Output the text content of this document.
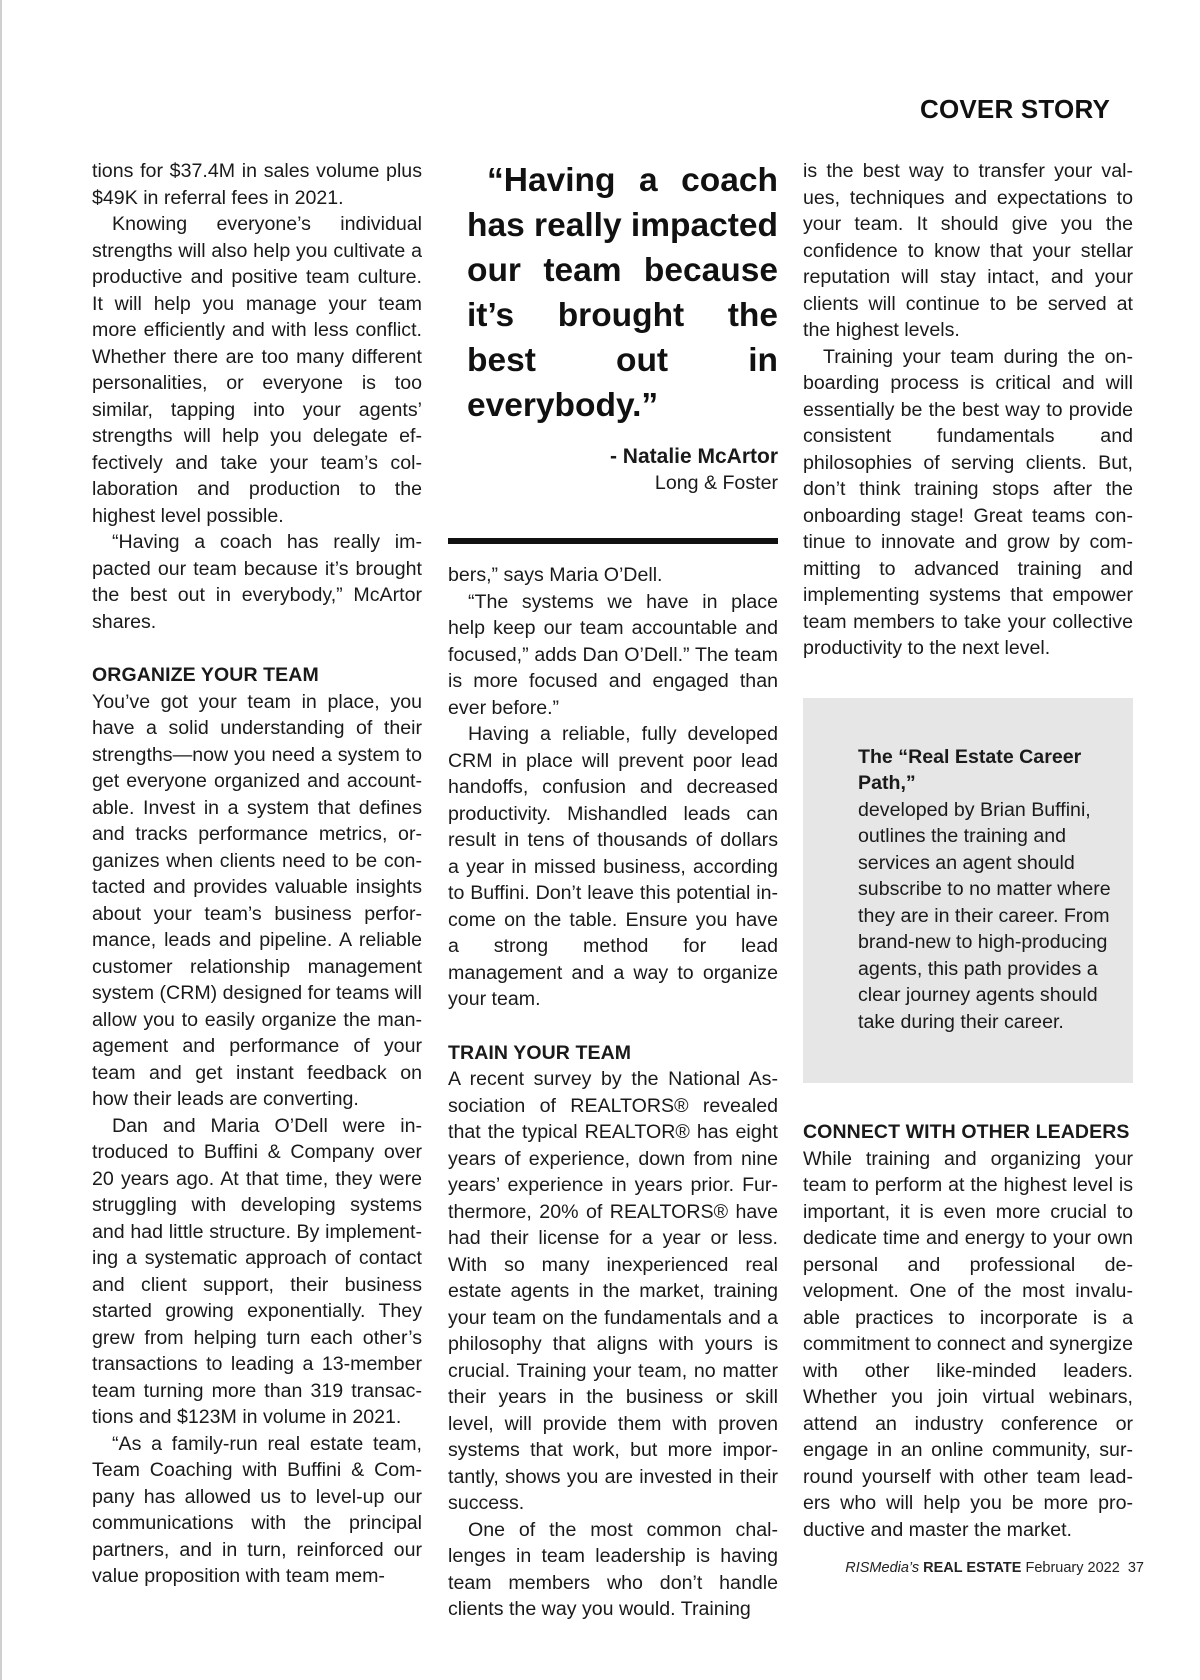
COVER STORY

tions for $37.4M in sales volume plus $49K in referral fees in 2021.

Knowing everyone’s individual strengths will also help you cultivate a productive and positive team culture. It will help you manage your team more efficiently and with less conflict. Whether there are too many different personalities, or everyone is too similar, tapping into your agents’ strengths will help you delegate effectively and take your team’s collaboration and production to the highest level possible.

“Having a coach has really impacted our team because it’s brought the best out in everybody,” McArtor shares.

ORGANIZE YOUR TEAM

You’ve got your team in place, you have a solid understanding of their strengths—now you need a system to get everyone organized and accountable. Invest in a system that defines and tracks performance metrics, organizes when clients need to be contacted and provides valuable insights about your team’s business performance, leads and pipeline. A reliable customer relationship management system (CRM) designed for teams will allow you to easily organize the management and performance of your team and get instant feedback on how their leads are converting.

Dan and Maria O’Dell were introduced to Buffini & Company over 20 years ago. At that time, they were struggling with developing systems and had little structure. By implementing a systematic approach of contact and client support, their business started growing exponentially. They grew from helping turn each other’s transactions to leading a 13-member team turning more than 319 transactions and $123M in volume in 2021.

“As a family-run real estate team, Team Coaching with Buffini & Company has allowed us to level-up our communications with the principal partners, and in turn, reinforced our value proposition with team mem-

“Having a coach has really impacted our team because it’s brought the best out in everybody.”

- Natalie McArtor
Long & Foster

bers,” says Maria O’Dell.

“The systems we have in place help keep our team accountable and focused,” adds Dan O’Dell.” The team is more focused and engaged than ever before.”

Having a reliable, fully developed CRM in place will prevent poor lead handoffs, confusion and decreased productivity. Mishandled leads can result in tens of thousands of dollars a year in missed business, according to Buffini. Don’t leave this potential income on the table. Ensure you have a strong method for lead management and a way to organize your team.

TRAIN YOUR TEAM

A recent survey by the National Association of REALTORS® revealed that the typical REALTOR® has eight years of experience, down from nine years’ experience in years prior. Furthermore, 20% of REALTORS® have had their license for a year or less. With so many inexperienced real estate agents in the market, training your team on the fundamentals and a philosophy that aligns with yours is crucial. Training your team, no matter their years in the business or skill level, will provide them with proven systems that work, but more importantly, shows you are invested in their success.

One of the most common challenges in team leadership is having team members who don’t handle clients the way you would. Training

is the best way to transfer your values, techniques and expectations to your team. It should give you the confidence to know that your stellar reputation will stay intact, and your clients will continue to be served at the highest levels.

Training your team during the onboarding process is critical and will essentially be the best way to provide consistent fundamentals and philosophies of serving clients. But, don’t think training stops after the onboarding stage! Great teams continue to innovate and grow by committing to advanced training and implementing systems that empower team members to take your collective productivity to the next level.

The “Real Estate Career Path,”
developed by Brian Buffini, outlines the training and services an agent should subscribe to no matter where they are in their career. From brand-new to high-producing agents, this path provides a clear journey agents should take during their career.
CONNECT WITH OTHER LEADERS

While training and organizing your team to perform at the highest level is important, it is even more crucial to dedicate time and energy to your own personal and professional development. One of the most invaluable practices to incorporate is a commitment to connect and synergize with other like-minded leaders. Whether you join virtual webinars, attend an industry conference or engage in an online community, surround yourself with other team leaders who will help you be more productive and master the market.

RISMedia’s REAL ESTATE February 2022 37
